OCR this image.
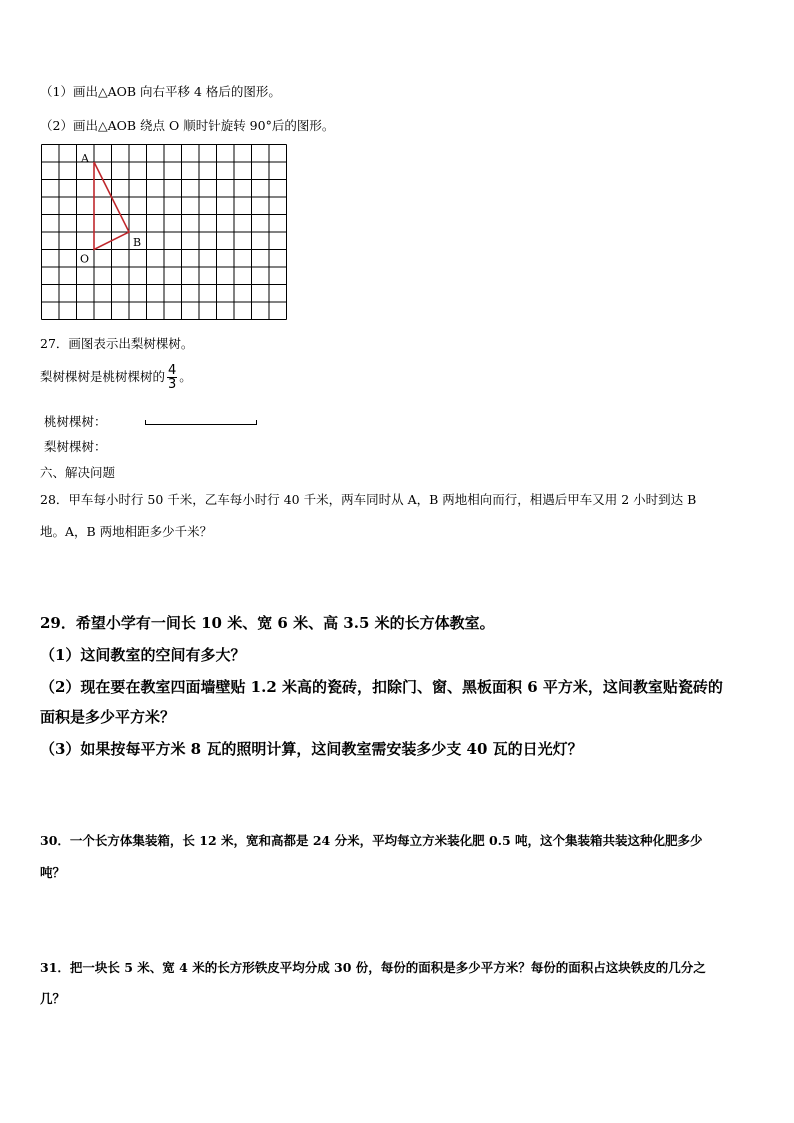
（1）画出△AOB 向右平移 4 格后的图形。
（2）画出△AOB 绕点 O 顺时针旋转 90°后的图形。
A
O
B
27．画图表示出梨树棵树。
梨树棵树是桃树棵树的 $\frac{4}{3}$ 。
桃树棵树：
梨树棵树：
六、解决问题
28．甲车每小时行 50 千米，乙车每小时行 40 千米，两车同时从 A，B 两地相向而行，相遇后甲车又用 2 小时到达 B
地。A，B 两地相距多少千米？
29．希望小学有一间长 10 米、宽 6 米、高 3.5 米的长方体教室。
（1）这间教室的空间有多大？
（2）现在要在教室四面墙壁贴 1.2 米高的瓷砖，扣除门、窗、黑板面积 6 平方米，这间教室贴瓷砖的
面积是多少平方米？
（3）如果按每平方米 8 瓦的照明计算，这间教室需安装多少支 40 瓦的日光灯？
30．一个长方体集装箱，长 12 米，宽和高都是 24 分米，平均每立方米装化肥 0.5 吨，这个集装箱共装这种化肥多少
吨？
31．把一块长 5 米、宽 4 米的长方形铁皮平均分成 30 份，每份的面积是多少平方米？每份的面积占这块铁皮的几分之
几？
